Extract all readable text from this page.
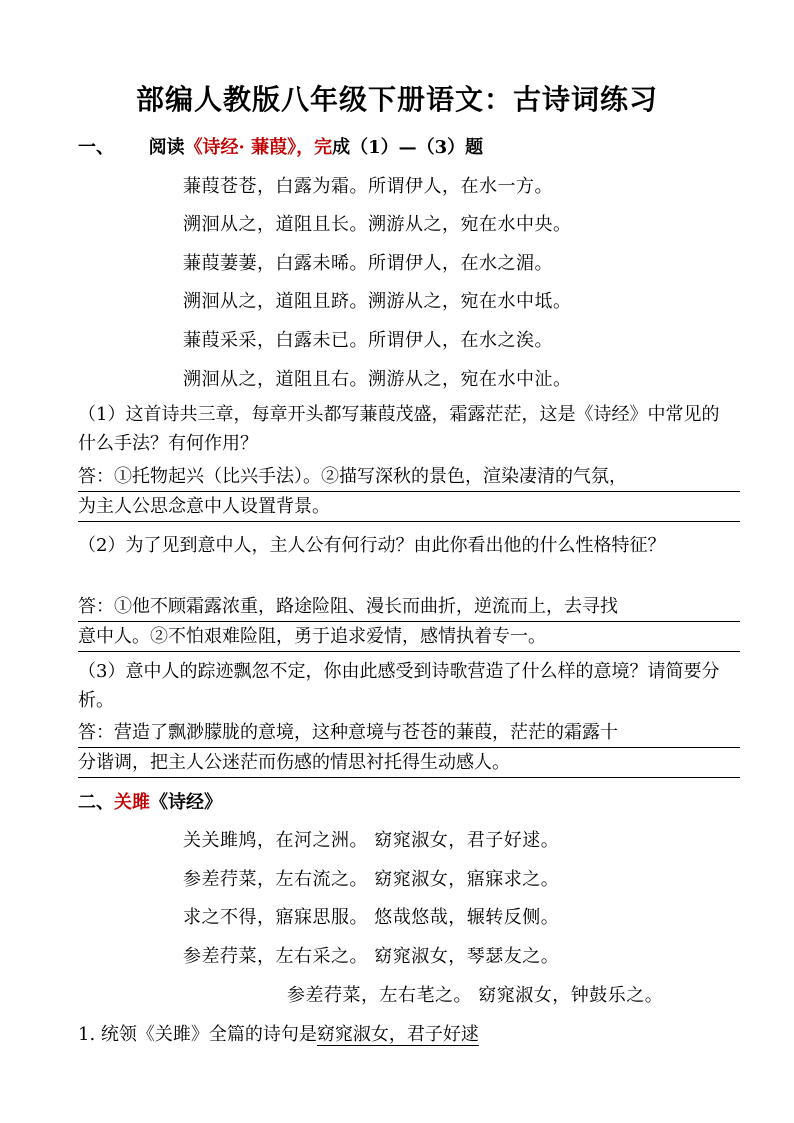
部编人教版八年级下册语文：古诗词练习
一、 阅读《诗经· 蒹葭》，完成（1）—（3）题
蒹葭苍苍，白露为霜。所谓伊人，在水一方。
溯洄从之，道阻且长。溯游从之，宛在水中央。
蒹葭萋萋，白露未晞。所谓伊人，在水之湄。
溯洄从之，道阻且跻。溯游从之，宛在水中坻。
蒹葭采采，白露未已。所谓伊人，在水之涘。
溯洄从之，道阻且右。溯游从之，宛在水中沚。
（1）这首诗共三章，每章开头都写蒹葭茂盛，霜露茫茫，这是《诗经》中常见的什么手法？有何作用？
答：①托物起兴（比兴手法）。②描写深秋的景色，渲染凄清的气氛，
为主人公思念意中人设置背景。
（2）为了见到意中人，主人公有何行动？由此你看出他的什么性格特征？
答：①他不顾霜露浓重，路途险阻、漫长而曲折，逆流而上，去寻找
意中人。②不怕艰难险阻，勇于追求爱情，感情执着专一。
（3）意中人的踪迹飘忽不定，你由此感受到诗歌营造了什么样的意境？请简要分析。
答：营造了飘渺朦胧的意境，这种意境与苍苍的蒹葭，茫茫的霜露十
分谐调，把主人公迷茫而伤感的情思衬托得生动感人。
二、关雎《诗经》
关关雎鸠，在河之洲。 窈窕淑女，君子好逑。
参差荇菜，左右流之。 窈窕淑女，寤寐求之。
求之不得，寤寐思服。 悠哉悠哉，辗转反侧。
参差荇菜，左右采之。 窈窕淑女，琴瑟友之。
参差荇菜，左右芼之。 窈窕淑女，钟鼓乐之。
1. 统领《关雎》全篇的诗句是窈窕淑女，君子好逑
